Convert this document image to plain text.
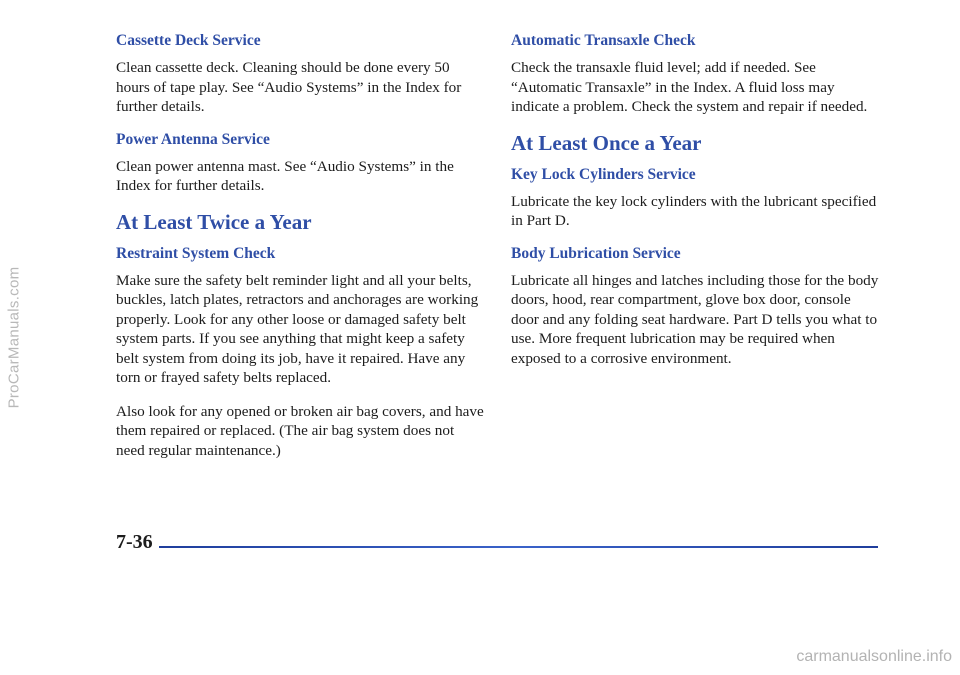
ProCarManuals.com
Cassette Deck Service

Clean cassette deck. Cleaning should be done every 50 hours of tape play. See “Audio Systems” in the Index for further details.

Power Antenna Service

Clean power antenna mast. See “Audio Systems” in the Index for further details.

At Least Twice a Year
Restraint System Check

Make sure the safety belt reminder light and all your belts, buckles, latch plates, retractors and anchorages are working properly. Look for any other loose or damaged safety belt system parts. If you see anything that might keep a safety belt system from doing its job, have it repaired. Have any torn or frayed safety belts replaced.

Also look for any opened or broken air bag covers, and have them repaired or replaced. (The air bag system does not need regular maintenance.)

Automatic Transaxle Check

Check the transaxle fluid level; add if needed. See “Automatic Transaxle” in the Index. A fluid loss may indicate a problem. Check the system and repair if needed.

At Least Once a Year
Key Lock Cylinders Service

Lubricate the key lock cylinders with the lubricant specified in Part D.

Body Lubrication Service

Lubricate all hinges and latches including those for the body doors, hood, rear compartment, glove box door, console door and any folding seat hardware. Part D tells you what to use. More frequent lubrication may be required when exposed to a corrosive environment.

7-36
carmanualsonline.info
